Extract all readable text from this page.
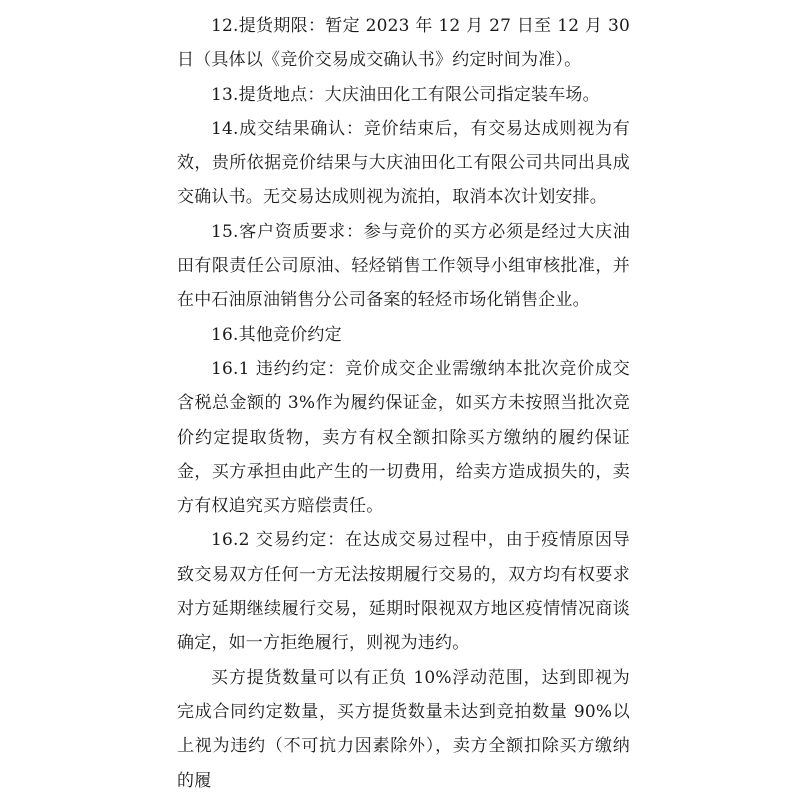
12.提货期限：暂定 2023 年 12 月 27 日至 12 月 30 日（具体以《竞价交易成交确认书》约定时间为准）。

13.提货地点：大庆油田化工有限公司指定装车场。

14.成交结果确认：竞价结束后，有交易达成则视为有效，贵所依据竞价结果与大庆油田化工有限公司共同出具成交确认书。无交易达成则视为流拍，取消本次计划安排。

15.客户资质要求：参与竞价的买方必须是经过大庆油田有限责任公司原油、轻烃销售工作领导小组审核批准，并在中石油原油销售分公司备案的轻烃市场化销售企业。

16.其他竞价约定

16.1 违约约定：竞价成交企业需缴纳本批次竞价成交含税总金额的 3%作为履约保证金，如买方未按照当批次竞价约定提取货物，卖方有权全额扣除买方缴纳的履约保证金，买方承担由此产生的一切费用，给卖方造成损失的，卖方有权追究买方赔偿责任。

16.2 交易约定：在达成交易过程中，由于疫情原因导致交易双方任何一方无法按期履行交易的，双方均有权要求对方延期继续履行交易，延期时限视双方地区疫情情况商谈确定，如一方拒绝履行，则视为违约。

买方提货数量可以有正负 10%浮动范围，达到即视为完成合同约定数量，买方提货数量未达到竞拍数量 90%以上视为违约（不可抗力因素除外），卖方全额扣除买方缴纳的履
